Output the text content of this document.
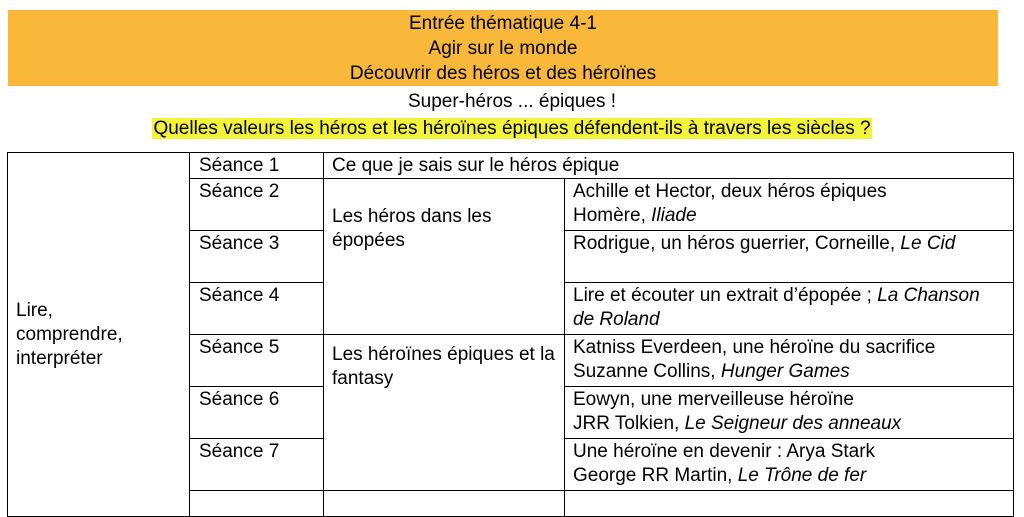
Entrée thématique 4-1
Agir sur le monde
Découvrir des héros et des héroïnes
Super-héros ... épiques !
Quelles valeurs les héros et les héroïnes épiques défendent-ils à travers les siècles ?
Lire,
comprendre,
interpréter	Séance 1	Ce que je sais sur le héros épique	
	Séance 2	Les héros dans les épopées	Achille et Hector, deux héros épiques
Homère, Iliade

	Séance 3		Rodrigue, un héros guerrier, Corneille, Le Cid
	Séance 4		Lire et écouter un extrait d’épopée ; La Chanson de Roland
	Séance 5	Les héroïnes épiques et la fantasy	Katniss Everdeen, une héroïne du sacrifice
Suzanne Collins, Hunger Games

	Séance 6		Eowyn, une merveilleuse héroïne
JRR Tolkien, Le Seigneur des anneaux

	Séance 7		Une héroïne en devenir : Arya Stark
George RR Martin, Le Trône de fer
